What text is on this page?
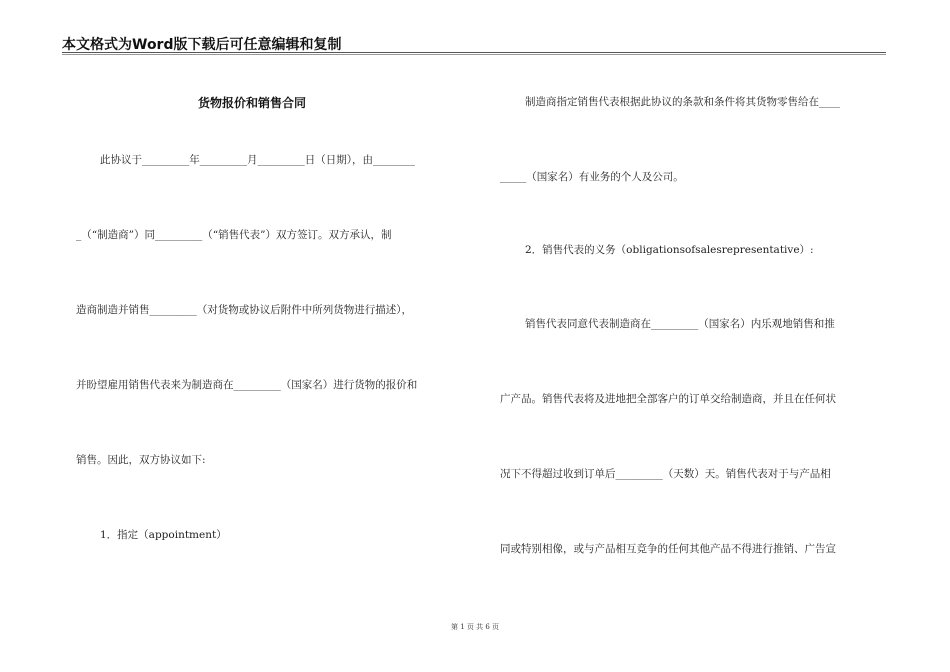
本文格式为Word版下载后可任意编辑和复制
货物报价和销售合同
此协议于_________年_________月_________日（日期），由________
_（“制造商”）同_________（“销售代表”）双方签订。双方承认，制
造商制造并销售_________（对货物或协议后附件中所列货物进行描述），
并盼望雇用销售代表来为制造商在_________（国家名）进行货物的报价和
销售。因此，双方协议如下:
1．指定（appointment）
制造商指定销售代表根据此协议的条款和条件将其货物零售给在____
_____（国家名）有业务的个人及公司。
2．销售代表的义务（obligationsofsalesrepresentative）:
销售代表同意代表制造商在_________（国家名）内乐观地销售和推
广产品。销售代表将及进地把全部客户的订单交给制造商，并且在任何状
况下不得超过收到订单后_________（天数）天。销售代表对于与产品相
同或特别相像，或与产品相互竞争的任何其他产品不得进行推销、广告宣
第 1 页 共 6 页
